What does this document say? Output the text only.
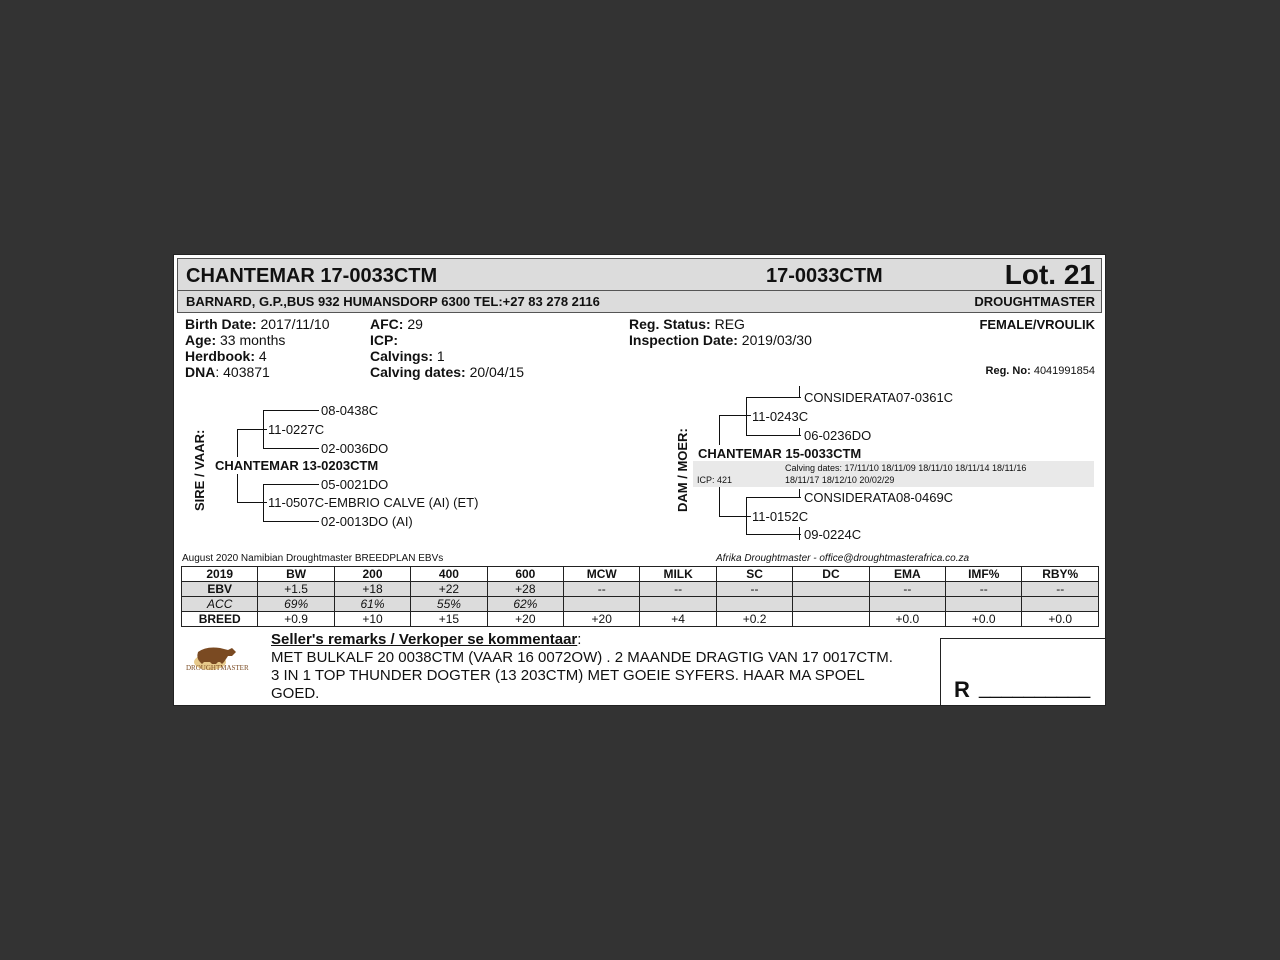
CHANTEMAR 17-0033CTM	17-0033CTM	Lot. 21
BARNARD, G.P.,BUS 932 HUMANSDORP 6300 TEL:+27 83 278 2116	DROUGHTMASTER
Birth Date: 2017/11/10
Age: 33 months
Herdbook: 4
DNA: 403871
AFC: 29
ICP:
Calvings: 1
Calving dates: 20/04/15
Reg. Status: REG
Inspection Date: 2019/03/30
FEMALE/VROULIK
Reg. No: 4041991854
SIRE / VAAR:
08-0438C
11-0227C
02-0036DO
CHANTEMAR 13-0203CTM
05-0021DO
11-0507C-EMBRIO CALVE (AI) (ET)
02-0013DO (AI)
DAM / MOER:
CONSIDERATA07-0361C
11-0243C
06-0236DO
CHANTEMAR 15-0033CTM
Calving dates: 17/11/10 18/11/09 18/11/10 18/11/14 18/11/16
ICP: 421	18/11/17 18/12/10 20/02/29
CONSIDERATA08-0469C
11-0152C
09-0224C
August 2020 Namibian Droughtmaster BREEDPLAN EBVs	Afrika Droughtmaster - office@droughtmasterafrica.co.za
2019	BW	200	400	600	MCW	MILK	SC	DC	EMA	IMF%	RBY%
EBV	+1.5	+18	+22	+28	--	--	--		--	--	--
ACC	69%	61%	55%	62%							
BREED	+0.9	+10	+15	+20	+20	+4	+0.2		+0.0	+0.0	+0.0
DROUGHTMASTER
Seller's remarks / Verkoper se kommentaar:
MET BULKALF 20 0038CTM (VAAR 16 0072OW) . 2 MAANDE DRAGTIG VAN 17 0017CTM.
3 IN 1 TOP THUNDER DOGTER (13 203CTM) MET GOEIE SYFERS. HAAR MA SPOEL
GOED.	R __________
